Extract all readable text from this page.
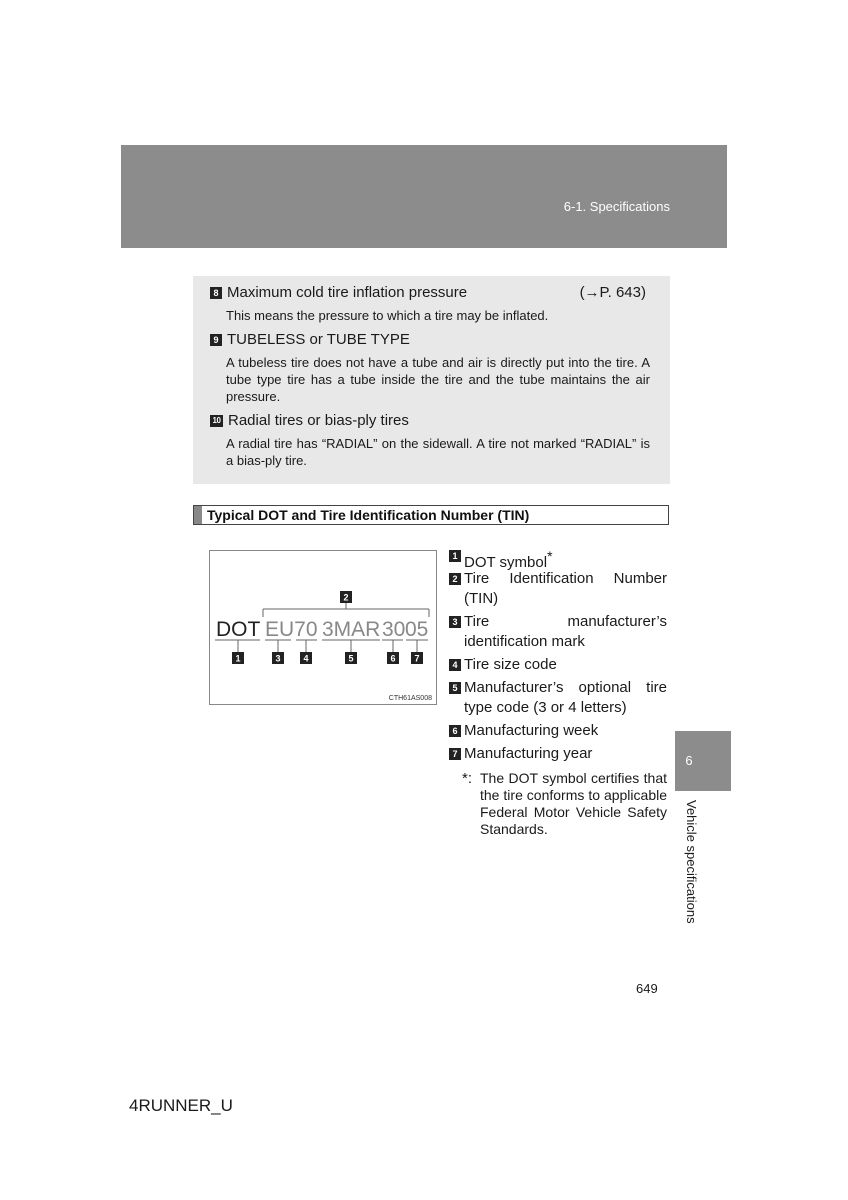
6-1. Specifications
8 Maximum cold tire inflation pressure	(→P. 643)
This means the pressure to which a tire may be inflated.
9 TUBELESS or TUBE TYPE
A tubeless tire does not have a tube and air is directly put into the tire. A tube type tire has a tube inside the tire and the tube maintains the air pressure.
10 Radial tires or bias-ply tires
A radial tire has “RADIAL” on the sidewall. A tire not marked “RADIAL” is a bias-ply tire.
Typical DOT and Tire Identification Number (TIN)
2
DOT EU70 3MAR 30 05
1	3	4	5	6 7
CTH61AS008
1 DOT symbol*
2 Tire Identification Number (TIN)
3 Tire manufacturer’s identification mark
4 Tire size code
5 Manufacturer’s optional tire type code (3 or 4 letters)
6 Manufacturing week
7 Manufacturing year
*: The DOT symbol certifies that the tire conforms to applicable Federal Motor Vehicle Safety Standards.
6
Vehicle specifications
649
4RUNNER_U
